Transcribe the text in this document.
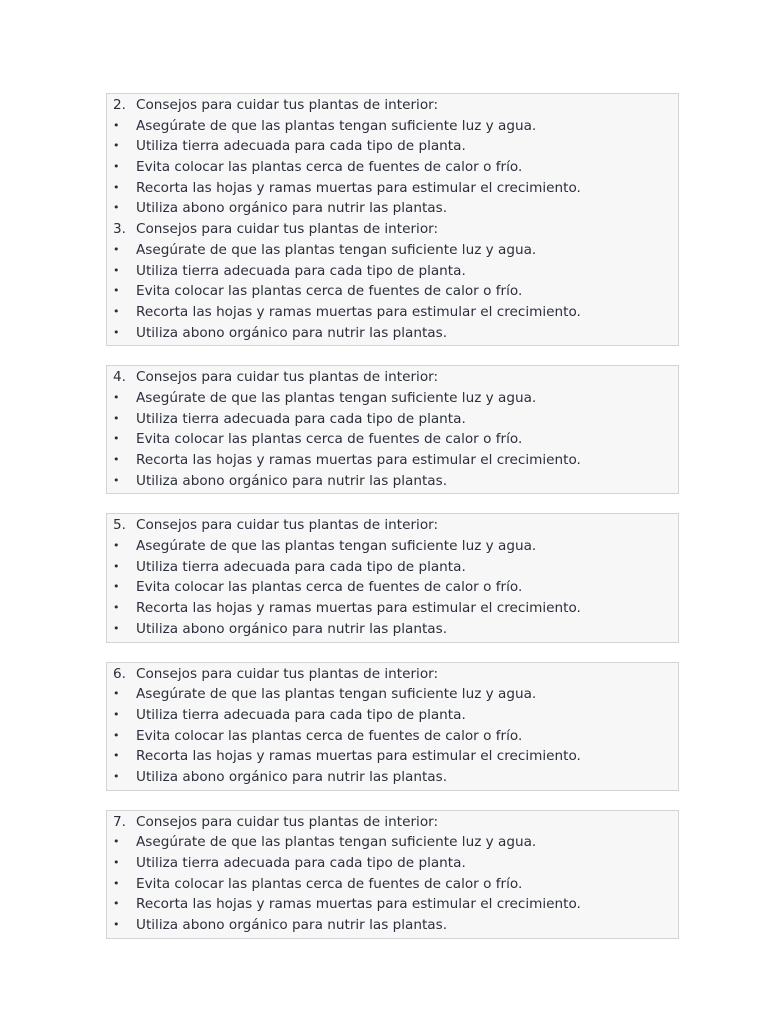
2. Consejos para cuidar tus plantas de interior:
•	Asegúrate de que las plantas tengan suficiente luz y agua.
•	Utiliza tierra adecuada para cada tipo de planta.
•	Evita colocar las plantas cerca de fuentes de calor o frío.
•	Recorta las hojas y ramas muertas para estimular el crecimiento.
•	Utiliza abono orgánico para nutrir las plantas.
3. Consejos para cuidar tus plantas de interior:
•	Asegúrate de que las plantas tengan suficiente luz y agua.
•	Utiliza tierra adecuada para cada tipo de planta.
•	Evita colocar las plantas cerca de fuentes de calor o frío.
•	Recorta las hojas y ramas muertas para estimular el crecimiento.
•	Utiliza abono orgánico para nutrir las plantas.
4. Consejos para cuidar tus plantas de interior:
•	Asegúrate de que las plantas tengan suficiente luz y agua.
•	Utiliza tierra adecuada para cada tipo de planta.
•	Evita colocar las plantas cerca de fuentes de calor o frío.
•	Recorta las hojas y ramas muertas para estimular el crecimiento.
•	Utiliza abono orgánico para nutrir las plantas.
5. Consejos para cuidar tus plantas de interior:
•	Asegúrate de que las plantas tengan suficiente luz y agua.
•	Utiliza tierra adecuada para cada tipo de planta.
•	Evita colocar las plantas cerca de fuentes de calor o frío.
•	Recorta las hojas y ramas muertas para estimular el crecimiento.
•	Utiliza abono orgánico para nutrir las plantas.
6. Consejos para cuidar tus plantas de interior:
•	Asegúrate de que las plantas tengan suficiente luz y agua.
•	Utiliza tierra adecuada para cada tipo de planta.
•	Evita colocar las plantas cerca de fuentes de calor o frío.
•	Recorta las hojas y ramas muertas para estimular el crecimiento.
•	Utiliza abono orgánico para nutrir las plantas.
7. Consejos para cuidar tus plantas de interior:
•	Asegúrate de que las plantas tengan suficiente luz y agua.
•	Utiliza tierra adecuada para cada tipo de planta.
•	Evita colocar las plantas cerca de fuentes de calor o frío.
•	Recorta las hojas y ramas muertas para estimular el crecimiento.
•	Utiliza abono orgánico para nutrir las plantas.
